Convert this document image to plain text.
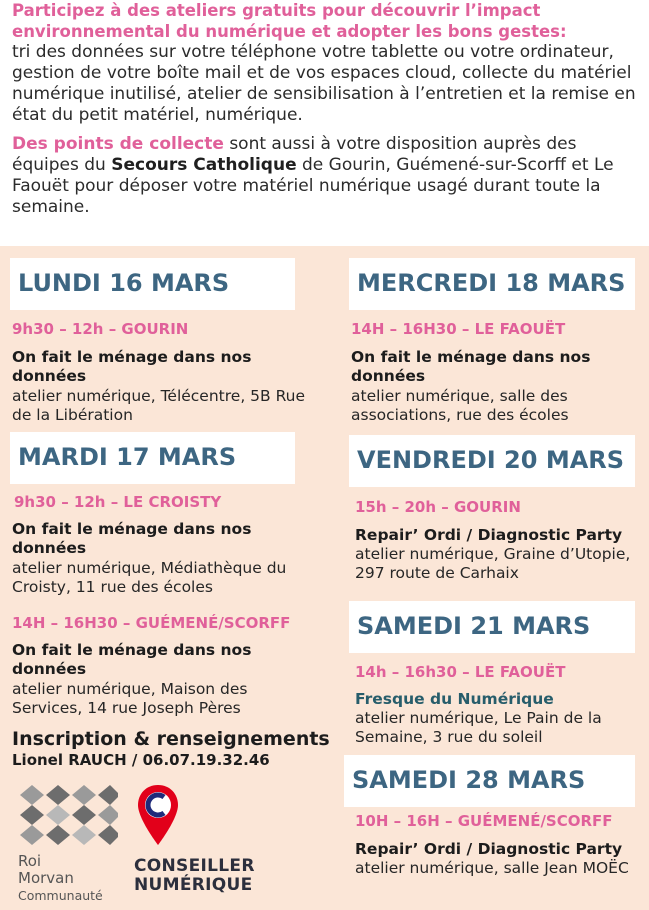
Participez à des ateliers gratuits pour découvrir l’impact environnemental du numérique et adopter les bons gestes:

tri des données sur votre téléphone votre tablette ou votre ordinateur, gestion de votre boîte mail et de vos espaces cloud, collecte du matériel numérique inutilisé, atelier de sensibilisation à l’entretien et la remise en état du petit matériel, numérique.

Des points de collecte sont aussi à votre disposition auprès des équipes du Secours Catholique de Gourin, Guémené-sur-Scorff et Le Faouët pour déposer votre matériel numérique usagé durant toute la semaine.

LUNDI 16 MARS
9h30 – 12h – GOURIN
On fait le ménage dans nos données
atelier numérique, Télécentre, 5B Rue de la Libération
MARDI 17 MARS
9h30 – 12h – LE CROISTY
On fait le ménage dans nos données
atelier numérique, Médiathèque du Croisty, 11 rue des écoles
14H – 16H30 – GUÉMENÉ/SCORFF
On fait le ménage dans nos données
atelier numérique, Maison des Services, 14 rue Joseph Pères
Inscription & renseignements
Lionel RAUCH / 06.07.19.32.46
Roi
Morvan
Communauté
CONSEILLER
NUMÉRIQUE
MERCREDI 18 MARS
14H – 16H30 – LE FAOUËT
On fait le ménage dans nos données
atelier numérique, salle des associations, rue des écoles
VENDREDI 20 MARS
15h – 20h – GOURIN
Repair’ Ordi / Diagnostic Party
atelier numérique, Graine d’Utopie, 297 route de Carhaix
SAMEDI 21 MARS
14h – 16h30 – LE FAOUËT
Fresque du Numérique
atelier numérique, Le Pain de la Semaine, 3 rue du soleil
SAMEDI 28 MARS
10H – 16H – GUÉMENÉ/SCORFF
Repair’ Ordi / Diagnostic Party
atelier numérique, salle Jean MOËC
